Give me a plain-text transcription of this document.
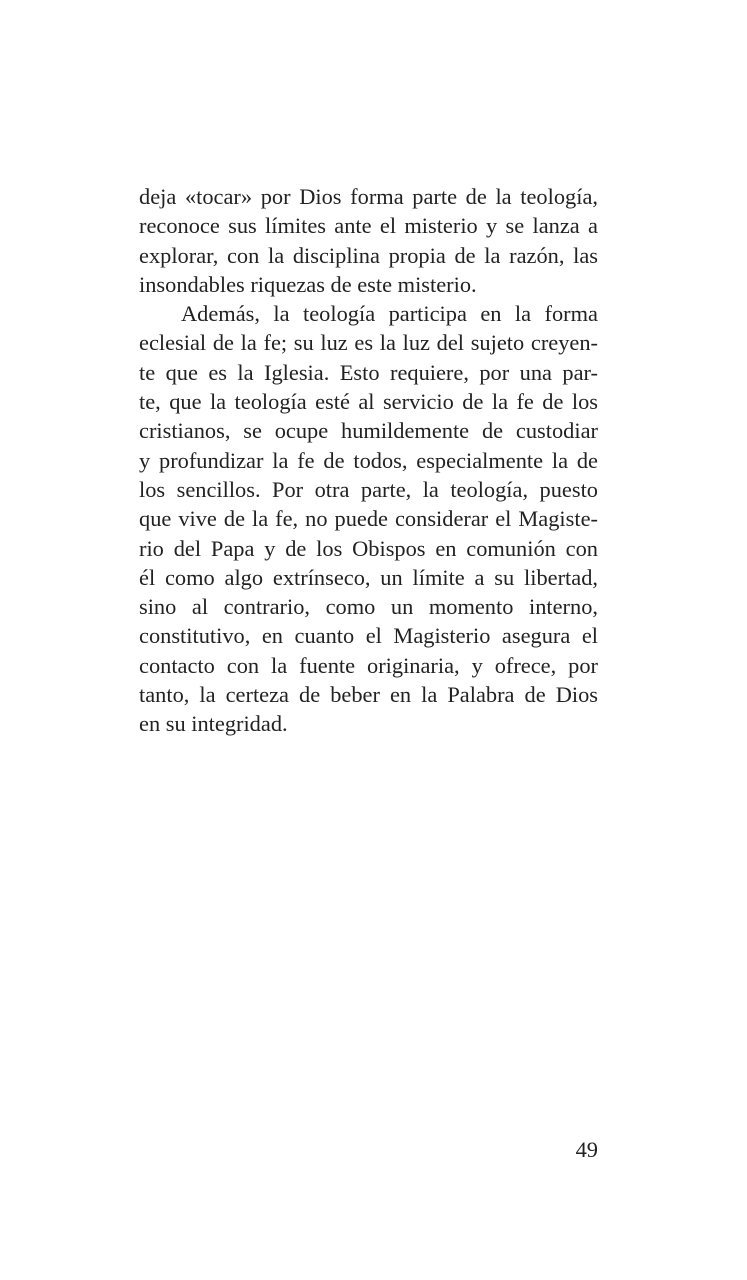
deja «tocar» por Dios forma parte de la teología,
reconoce sus límites ante el misterio y se lanza a
explorar, con la disciplina propia de la razón, las
insondables riquezas de este misterio.
Además, la teología participa en la forma
eclesial de la fe; su luz es la luz del sujeto creyen-
te que es la Iglesia. Esto requiere, por una par-
te, que la teología esté al servicio de la fe de los
cristianos, se ocupe humildemente de custodiar
y profundizar la fe de todos, especialmente la de
los sencillos. Por otra parte, la teología, puesto
que vive de la fe, no puede considerar el Magiste-
rio del Papa y de los Obispos en comunión con
él como algo extrínseco, un límite a su libertad,
sino al contrario, como un momento interno,
constitutivo, en cuanto el Magisterio asegura el
contacto con la fuente originaria, y ofrece, por
tanto, la certeza de beber en la Palabra de Dios
en su integridad.
49
